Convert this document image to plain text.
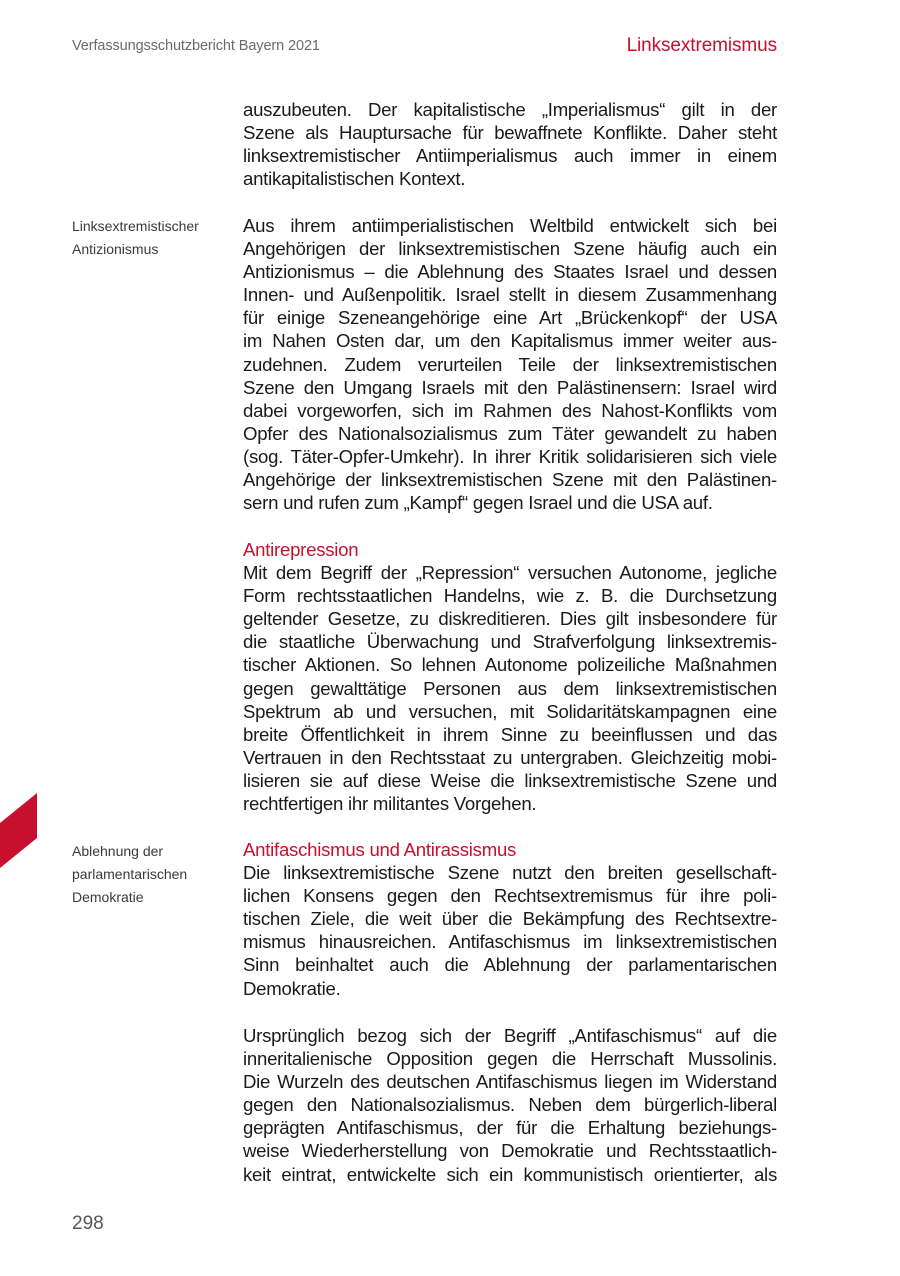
Verfassungsschutzbericht Bayern 2021	Linksextremismus
Linksextremistischer
Antizionismus
Ablehnung der
parlamentarischen
Demokratie
auszubeuten. Der kapitalistische „Imperialismus“ gilt in der
Szene als Hauptursache für bewaffnete Konflikte. Daher steht
linksextremistischer Antiimperialismus auch immer in einem
antikapitalistischen Kontext.
Aus ihrem antiimperialistischen Weltbild entwickelt sich bei
Angehörigen der linksextremistischen Szene häufig auch ein
Antizionismus – die Ablehnung des Staates Israel und dessen
Innen- und Außenpolitik. Israel stellt in diesem Zusammenhang
für einige Szeneangehörige eine Art „Brückenkopf“ der USA
im Nahen Osten dar, um den Kapitalismus immer weiter aus-
zudehnen. Zudem verurteilen Teile der linksextremistischen
Szene den Umgang Israels mit den Palästinensern: Israel wird
dabei vorgeworfen, sich im Rahmen des Nahost-Konflikts vom
Opfer des Nationalsozialismus zum Täter gewandelt zu haben
(sog. Täter-Opfer-Umkehr). In ihrer Kritik solidarisieren sich viele
Angehörige der linksextremistischen Szene mit den Palästinen-
sern und rufen zum „Kampf“ gegen Israel und die USA auf.
Antirepression
Mit dem Begriff der „Repression“ versuchen Autonome, jegliche
Form rechtsstaatlichen Handelns, wie z. B. die Durchsetzung
geltender Gesetze, zu diskreditieren. Dies gilt insbesondere für
die staatliche Überwachung und Strafverfolgung linksextremis-
tischer Aktionen. So lehnen Autonome polizeiliche Maßnahmen
gegen gewalttätige Personen aus dem linksextremistischen
Spektrum ab und versuchen, mit Solidaritätskampagnen eine
breite Öffentlichkeit in ihrem Sinne zu beeinflussen und das
Vertrauen in den Rechtsstaat zu untergraben. Gleichzeitig mobi-
lisieren sie auf diese Weise die linksextremistische Szene und
rechtfertigen ihr militantes Vorgehen.
Antifaschismus und Antirassismus
Die linksextremistische Szene nutzt den breiten gesellschaft-
lichen Konsens gegen den Rechtsextremismus für ihre poli-
tischen Ziele, die weit über die Bekämpfung des Rechtsextre-
mismus hinausreichen. Antifaschismus im linksextremistischen
Sinn beinhaltet auch die Ablehnung der parlamentarischen
Demokratie.
Ursprünglich bezog sich der Begriff „Antifaschismus“ auf die
inneritalienische Opposition gegen die Herrschaft Mussolinis.
Die Wurzeln des deutschen Antifaschismus liegen im Widerstand
gegen den Nationalsozialismus. Neben dem bürgerlich-liberal
geprägten Antifaschismus, der für die Erhaltung beziehungs-
weise Wiederherstellung von Demokratie und Rechtsstaatlich-
keit eintrat, entwickelte sich ein kommunistisch orientierter, als
298
